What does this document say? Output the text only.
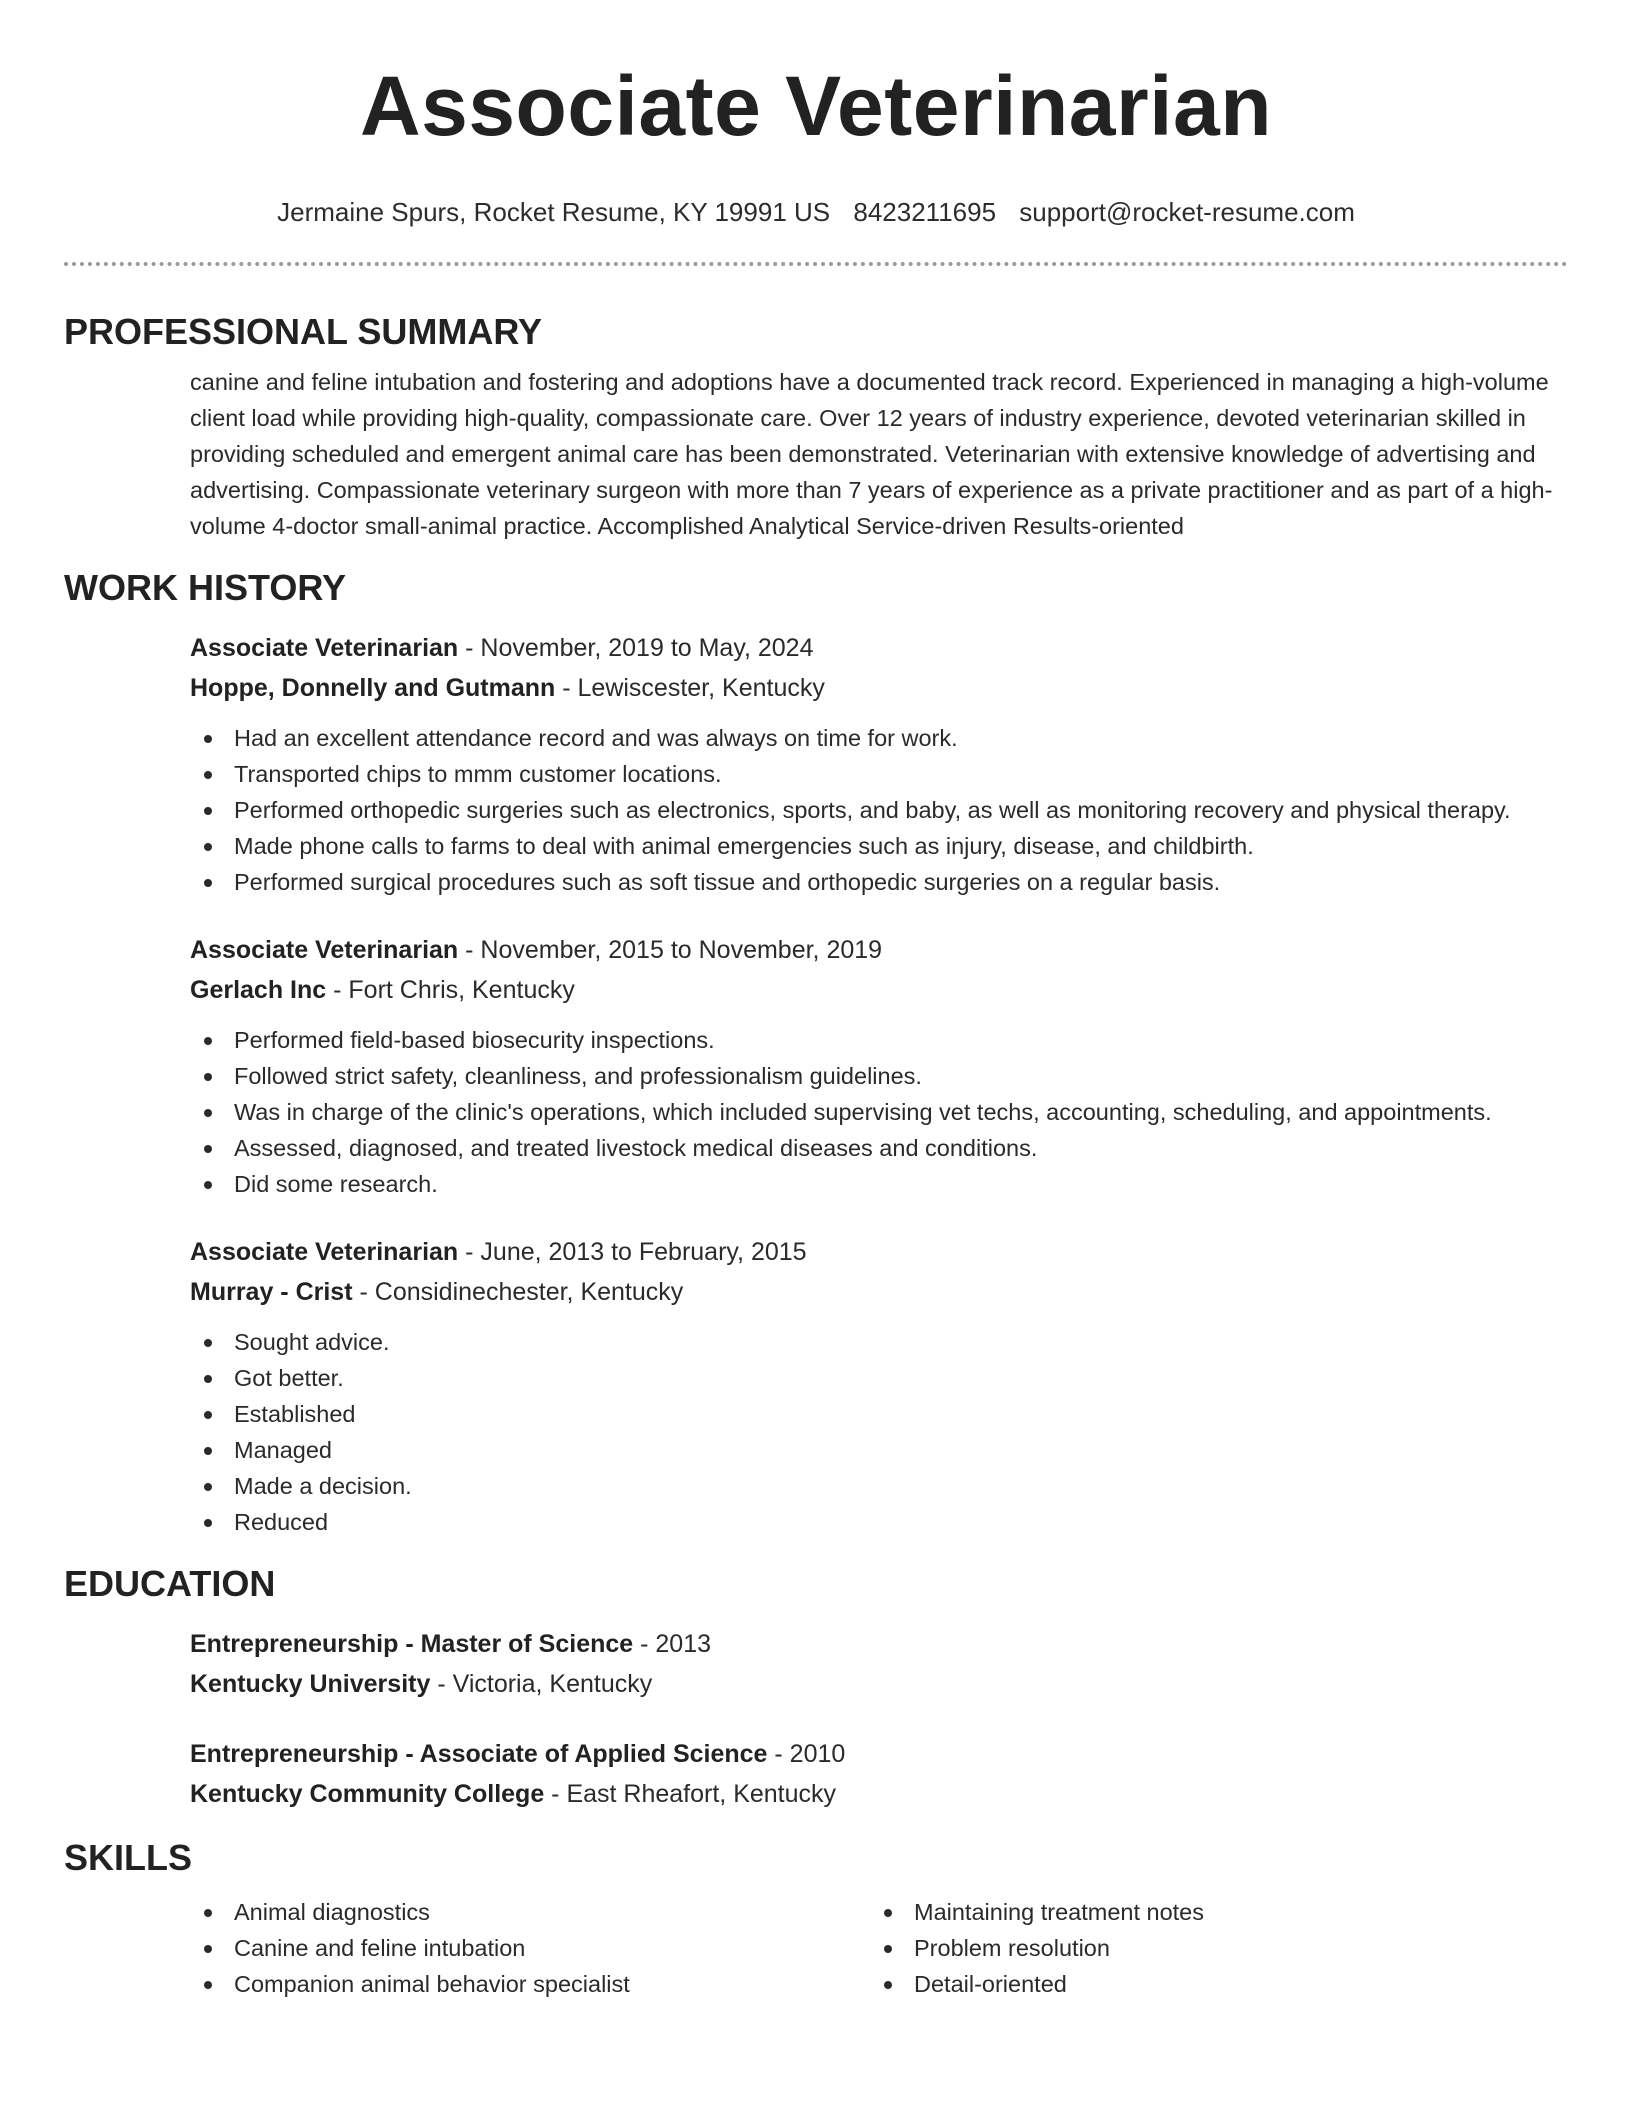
Associate Veterinarian
Jermaine Spurs, Rocket Resume, KY 19991 US 8423211695 support@rocket-resume.com
PROFESSIONAL SUMMARY
canine and feline intubation and fostering and adoptions have a documented track record. Experienced in managing a high-volume client load while providing high-quality, compassionate care. Over 12 years of industry experience, devoted veterinarian skilled in providing scheduled and emergent animal care has been demonstrated. Veterinarian with extensive knowledge of advertising and advertising. Compassionate veterinary surgeon with more than 7 years of experience as a private practitioner and as part of a high-volume 4-doctor small-animal practice. Accomplished Analytical Service-driven Results-oriented
WORK HISTORY
Associate Veterinarian - November, 2019 to May, 2024
Hoppe, Donnelly and Gutmann - Lewiscester, Kentucky
Had an excellent attendance record and was always on time for work.
Transported chips to mmm customer locations.
Performed orthopedic surgeries such as electronics, sports, and baby, as well as monitoring recovery and physical therapy.
Made phone calls to farms to deal with animal emergencies such as injury, disease, and childbirth.
Performed surgical procedures such as soft tissue and orthopedic surgeries on a regular basis.
Associate Veterinarian - November, 2015 to November, 2019
Gerlach Inc - Fort Chris, Kentucky
Performed field-based biosecurity inspections.
Followed strict safety, cleanliness, and professionalism guidelines.
Was in charge of the clinic's operations, which included supervising vet techs, accounting, scheduling, and appointments.
Assessed, diagnosed, and treated livestock medical diseases and conditions.
Did some research.
Associate Veterinarian - June, 2013 to February, 2015
Murray - Crist - Considinechester, Kentucky
Sought advice.
Got better.
Established
Managed
Made a decision.
Reduced
EDUCATION
Entrepreneurship - Master of Science - 2013
Kentucky University - Victoria, Kentucky
Entrepreneurship - Associate of Applied Science - 2010
Kentucky Community College - East Rheafort, Kentucky
SKILLS
Animal diagnostics
Canine and feline intubation
Companion animal behavior specialist
Maintaining treatment notes
Problem resolution
Detail-oriented
